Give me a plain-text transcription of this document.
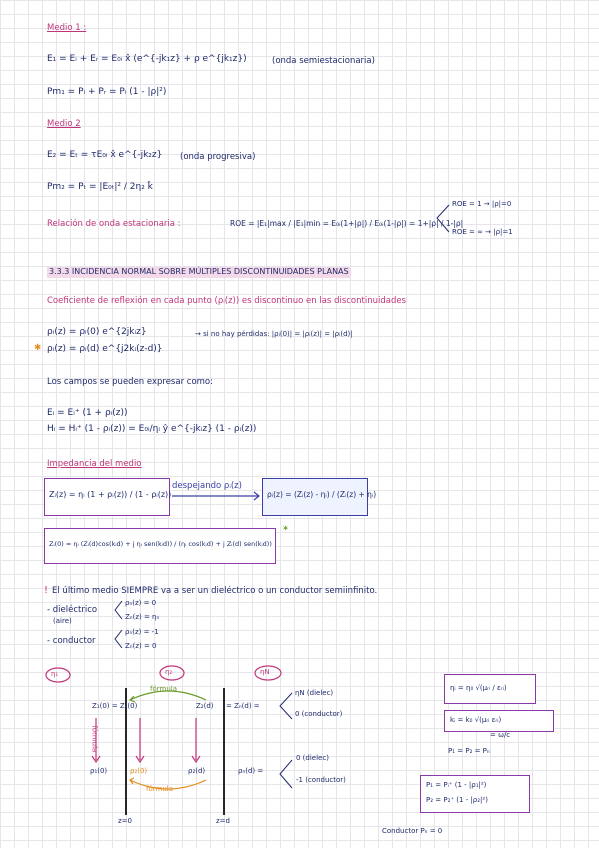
Medio 1 :
E₁ = Eᵢ + Eᵣ = E₀ᵢ x̂ (e^{-jk₁z} + ρ e^{jk₁z})	(onda semiestacionaria)
Pm₁ = Pᵢ + Pᵣ = Pᵢ (1 - |ρ|²)
Medio 2
E₂ = Eₜ = τE₀ᵢ x̂ e^{-jk₂z} (onda progresiva)
Pm₂ = Pₜ = |E₀ₜ|² / 2η₂ k̂
Relación de onda estacionaria :	ROE = |E₁|max / |E₁|min = E₀ᵢ(1+|ρ|) / E₀ᵢ(1-|ρ|) = 1+|ρ| / 1-|ρ|
ROE = 1 → |ρ|=0
ROE = ∞ → |ρ|=1
3.3.3 INCIDENCIA NORMAL SOBRE MÚLTIPLES DISCONTINUIDADES PLANAS
Coeficiente de reflexión en cada punto (ρᵢ(z)) es discontinuo en las discontinuidades
ρᵢ(z) = ρᵢ(0) e^{2jkᵢz}	→ si no hay pérdidas: |ρᵢ(0)| = |ρᵢ(z)| = |ρᵢ(d)|
✱ ρᵢ(z) = ρᵢ(d) e^{j2kᵢ(z-d)}
Los campos se pueden expresar como:
Eᵢ = Eᵢ⁺ (1 + ρᵢ(z))
Hᵢ = Hᵢ⁺ (1 - ρᵢ(z)) = E₀ᵢ/ηᵢ ŷ e^{-jkᵢz} (1 - ρᵢ(z))
Impedancia del medio
Zᵢ(z) = ηᵢ (1 + ρᵢ(z)) / (1 - ρᵢ(z))
despejando ρᵢ(z)
ρᵢ(z) = (Zᵢ(z) - ηᵢ) / (Zᵢ(z) + ηᵢ)
Zᵢ(0) = ηᵢ (Zᵢ(d)cos(kᵢd) + j ηᵢ sen(kᵢd)) / (ηᵢ cos(kᵢd) + j Zᵢ(d) sen(kᵢd))
✶
! El último medio SIEMPRE va a ser un dieléctrico o un conductor semiinfinito.
- dieléctrico
(aire)
ρₙ(z) = 0
Zₙ(z) = ηₙ
- conductor
ρₙ(z) = -1
Zₙ(z) = 0
η₁	η₂	ηN
fórmula
Z₁(0) = Z₂(0)	Z₂(d) = Zₙ(d) =
ηN (dielec)
0 (conductor)
fórmula
ρ₁(0)	ρ₂(0)	ρ₂(d)	ρₙ(d) =
0 (dielec)
-1 (conductor)
fórmula
z=0	z=d
ηᵢ = η₀ √(μᵣᵢ / εᵣᵢ)
kᵢ = k₀ √(μᵣᵢ εᵣᵢ)
= ω/c
P₁ = P₂ = Pₙ
P₁ = Pᵢ⁺ (1 - |ρ₁|²)
P₂ = P₂⁺ (1 - |ρ₂|²)
Conductor Pₙ = 0
